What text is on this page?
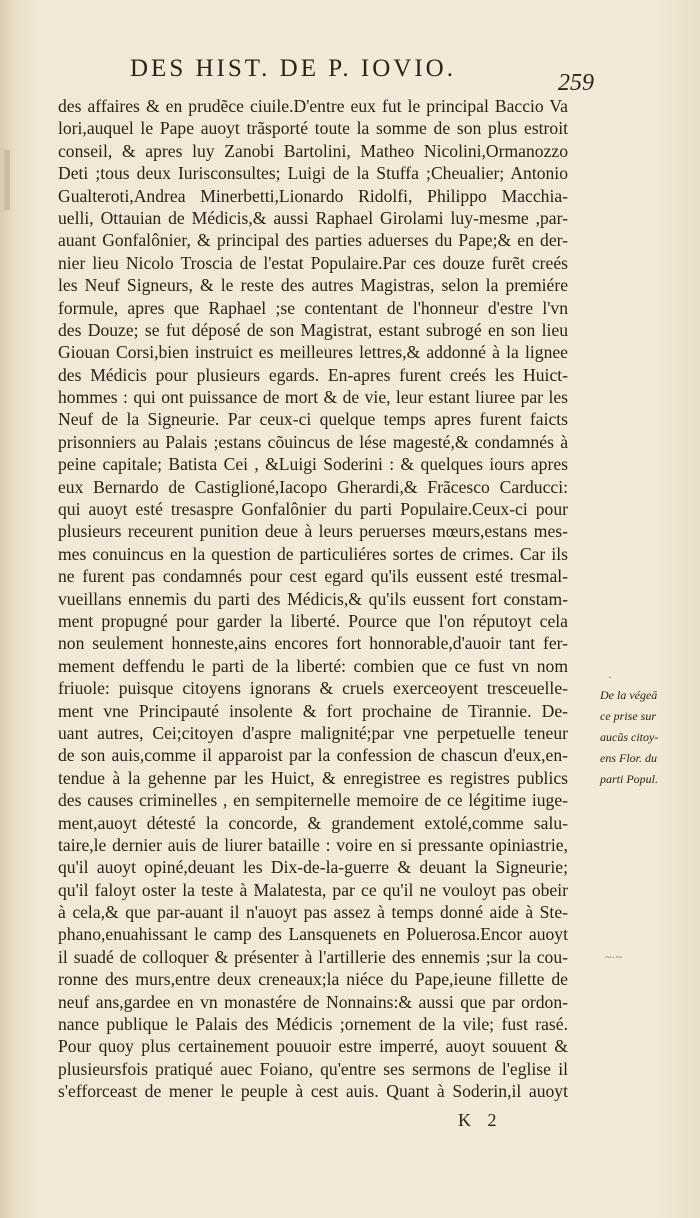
DES HIST. DE P. IOVIO.
259
des affaires & en prudẽce ciuile.D'entre eux fut le principal Baccio Va
lori,auquel le Pape auoyt trãsporté toute la somme de son plus estroit
conseil, & apres luy Zanobi Bartolini, Matheo Nicolini,Ormanozzo
Deti ;tous deux Iurisconsultes; Luigi de la Stuffa ;Cheualier; Antonio
Gualteroti,Andrea Minerbetti,Lionardo Ridolfi, Philippo Macchia-
uelli, Ottauian de Médicis,& aussi Raphael Girolami luy-mesme ,par-
auant Gonfalônier, & principal des parties aduerses du Pape;& en der-
nier lieu Nicolo Troscia de l'estat Populaire.Par ces douze furẽt creés
les Neuf Signeurs, & le reste des autres Magistras, selon la premiére
formule, apres que Raphael ;se contentant de l'honneur d'estre l'vn
des Douze; se fut déposé de son Magistrat, estant subrogé en son lieu
Giouan Corsi,bien instruict es meilleures lettres,& addonné à la lignee
des Médicis pour plusieurs egards. En-apres furent creés les Huict-
hommes : qui ont puissance de mort & de vie, leur estant liuree par les
Neuf de la Signeurie. Par ceux-ci quelque temps apres furent faicts
prisonniers au Palais ;estans cõuincus de lése magesté,& condamnés à
peine capitale; Batista Cei , &Luigi Soderini : & quelques iours apres
eux Bernardo de Castiglioné,Iacopo Gherardi,& Frãcesco Carducci:
qui auoyt esté tresaspre Gonfalônier du parti Populaire.Ceux-ci pour
plusieurs receurent punition deue à leurs peruerses mœurs,estans mes-
mes conuincus en la question de particuliéres sortes de crimes. Car ils
ne furent pas condamnés pour cest egard qu'ils eussent esté tresmal-
vueillans ennemis du parti des Médicis,& qu'ils eussent fort constam-
ment propugné pour garder la liberté. Pource que l'on réputoyt cela
non seulement honneste,ains encores fort honnorable,d'auoir tant fer-
mement deffendu le parti de la liberté: combien que ce fust vn nom
friuole: puisque citoyens ignorans & cruels exerceoyent tresceuelle-
ment vne Principauté insolente & fort prochaine de Tirannie. De-
uant autres, Cei;citoyen d'aspre malignité;par vne perpetuelle teneur
de son auis,comme il apparoist par la confession de chascun d'eux,en-
tendue à la gehenne par les Huict, & enregistree es registres publics
des causes criminelles , en sempiternelle memoire de ce légitime iuge-
ment,auoyt détesté la concorde, & grandement extolé,comme salu-
taire,le dernier auis de liurer bataille : voire en si pressante opiniastrie,
qu'il auoyt opiné,deuant les Dix-de-la-guerre & deuant la Signeurie;
qu'il faloyt oster la teste à Malatesta, par ce qu'il ne vouloyt pas obeir
à cela,& que par-auant il n'auoyt pas assez à temps donné aide à Ste-
phano,enuahissant le camp des Lansquenets en Poluerosa.Encor auoyt
il suadé de colloquer & présenter à l'artillerie des ennemis ;sur la cou-
ronne des murs,entre deux creneaux;la niéce du Pape,ieune fillette de
neuf ans,gardee en vn monastére de Nonnains:& aussi que par ordon-
nance publique le Palais des Médicis ;ornement de la vile; fust rasé.
Pour quoy plus certainement pouuoir estre imperré, auoyt souuent &
plusieursfois pratiqué auec Foiano, qu'entre ses sermons de l'eglise il
s'efforceast de mener le peuple à cest auis. Quant à Soderin,il auoyt
·
De la végeā
ce prise sur
aucũs citoy-
ens Flor. du
parti Popul.
~·~
K 2
